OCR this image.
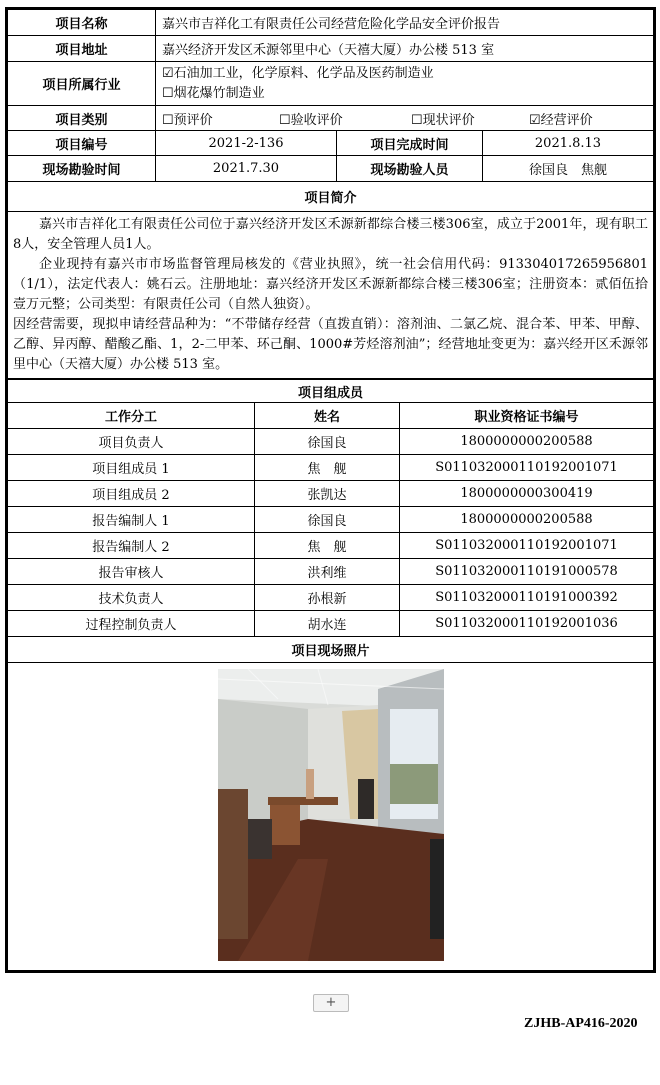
项目名称	嘉兴市吉祥化工有限责任公司经营危险化学品安全评价报告		
项目地址	嘉兴经济开发区禾源邻里中心（天禧大厦）办公楼 513 室		
项目所属行业	☑石油加工业，化学原料、化学品及医药制造业
☐烟花爆竹制造业		

项目类别	☐预评价 ☐验收评价 ☐现状评价 ☑经营评价		
项目编号	2021-2-136	项目完成时间	2021.8.13
现场勘验时间	2021.7.30	现场勘验人员	徐国良　焦舰
项目简介			

嘉兴市吉祥化工有限责任公司位于嘉兴经济开发区禾源新都综合楼三楼306室，成立于2001年，现有职工8人，安全管理人员1人。

企业现持有嘉兴市市场监督管理局核发的《营业执照》，统一社会信用代码：913304017265956801（1/1），法定代表人：姚石云。注册地址：嘉兴经济开发区禾源新都综合楼三楼306室；注册资本：贰佰伍拾壹万元整；公司类型：有限责任公司（自然人独资）。

因经营需要，现拟申请经营品种为：“不带储存经营（直拨直销）：溶剂油、二氯乙烷、混合苯、甲苯、甲醇、乙醇、异丙醇、醋酸乙酯、1，2-二甲苯、环己酮、1000#芳烃溶剂油”；经营地址变更为：嘉兴经开区禾源邻里中心（天禧大厦）办公楼 513 室。			

项目组成员		
工作分工	姓名	职业资格证书编号
项目负责人	徐国良	1800000000200588
项目组成员 1	焦　舰	S011032000110192001071
项目组成员 2	张凯达	1800000000300419
报告编制人 1	徐国良	1800000000200588
报告编制人 2	焦　舰	S011032000110192001071
报告审核人	洪利维	S011032000110191000578
技术负责人	孙根新	S011032000110191000392
过程控制负责人	胡水连	S011032000110192001036
项目现场照片		

+
ZJHB-AP416-2020
